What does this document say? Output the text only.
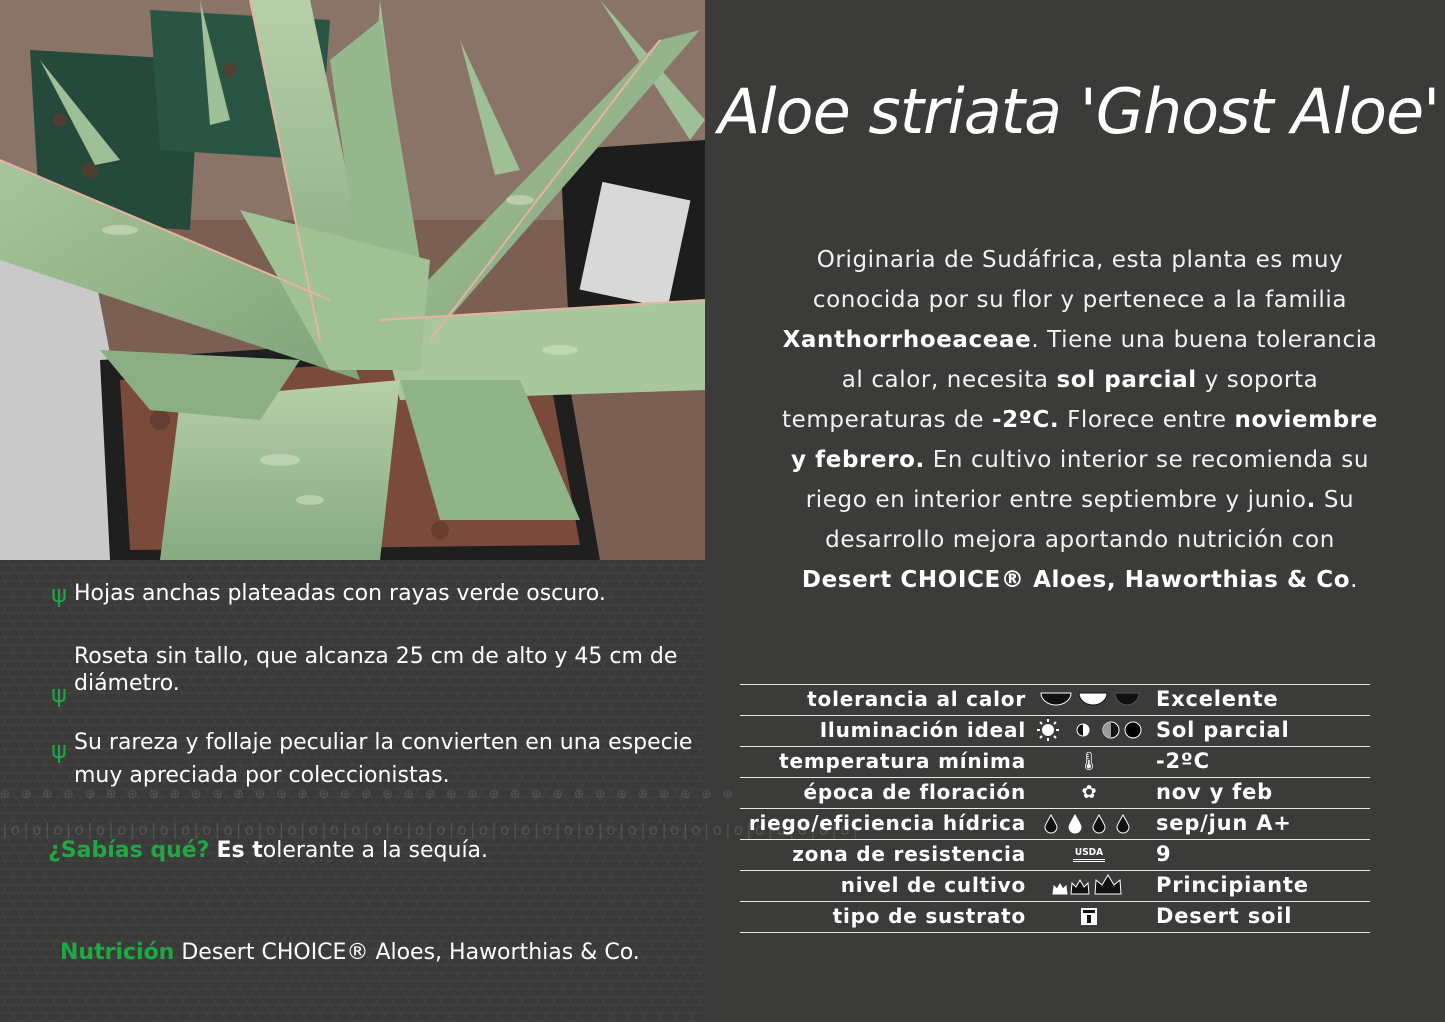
⊕ ⊕ ⊕ ⊕ ⊕ ⊕ ⊕ ⊕ ⊕ ⊕ ⊕ ⊕ ⊕ ⊕ ⊕ ⊕ ⊕ ⊕ ⊕ ⊕ ⊕ ⊕ ⊕ ⊕ ⊕ ⊕ ⊕ ⊕ ⊕ ⊕ ⊕ ⊕ ⊕ ⊕ ⊕
|o|o|o|o|o|o|o|o|o|o|o|o|o|o|o|o|o|o|o|o|o|o|o|o|o|o|o|o|o|o|o|o|o|o|o|o|o|o|o|o|
ψ Hojas anchas plateadas con rayas verde oscuro.
ψ
Roseta sin tallo, que alcanza 25 cm de alto y 45 cm de diámetro.
ψ Su rareza y follaje peculiar la convierten en una especie muy apreciada por coleccionistas.
¿Sabías qué? Es tolerante a la sequía.
Nutrición Desert CHOICE® Aloes, Haworthias & Co.
Aloe striata 'Ghost Aloe'
Originaria de Sudáfrica, esta planta es muy conocida por su flor y pertenece a la familia Xanthorrhoeaceae. Tiene una buena tolerancia al calor, necesita sol parcial y soporta temperaturas de -2ºC. Florece entre noviembre y febrero. En cultivo interior se recomienda su riego en interior entre septiembre y junio. Su desarrollo mejora aportando nutrición con Desert CHOICE® Aloes, Haworthias & Co.
tolerancia al calor	Excelente
Iluminación ideal	Sol parcial
temperatura mínima	🌡	-2ºC
época de floración	✿	nov y feb
riego/eficiencia hídrica	sep/jun A+
zona de resistencia	USDA	9
nivel de cultivo	Principiante
tipo de sustrato	Desert soil
